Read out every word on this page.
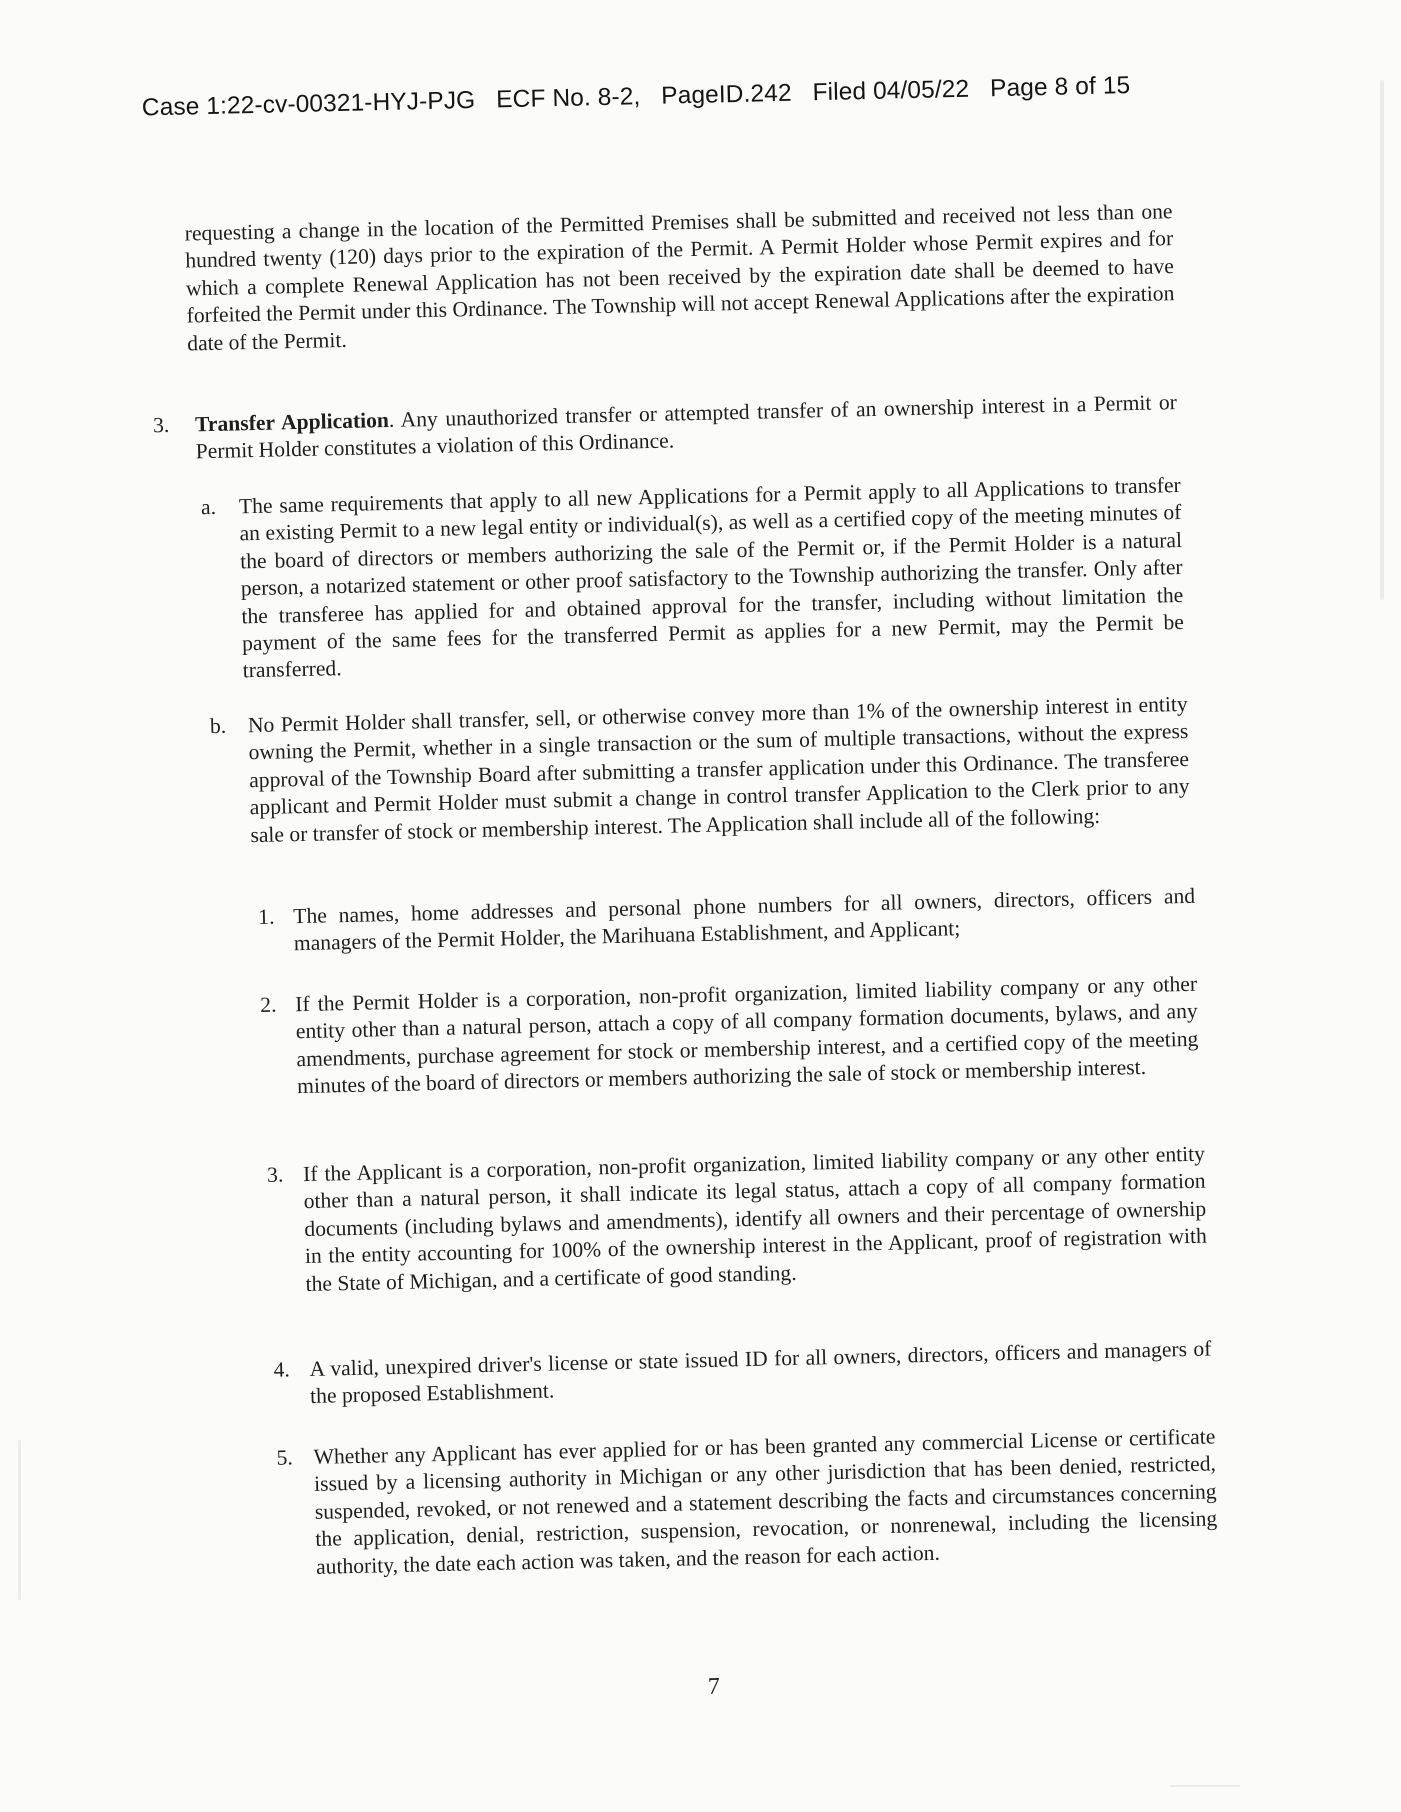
Case 1:22-cv-00321-HYJ-PJG ECF No. 8-2, PageID.242 Filed 04/05/22 Page 8 of 15
requesting a change in the location of the Permitted Premises shall be submitted and received not less than one hundred twenty (120) days prior to the expiration of the Permit. A Permit Holder whose Permit expires and for which a complete Renewal Application has not been received by the expiration date shall be deemed to have forfeited the Permit under this Ordinance. The Township will not accept Renewal Applications after the expiration date of the Permit.
3. Transfer Application. Any unauthorized transfer or attempted transfer of an ownership interest in a Permit or Permit Holder constitutes a violation of this Ordinance.
a. The same requirements that apply to all new Applications for a Permit apply to all Applications to transfer an existing Permit to a new legal entity or individual(s), as well as a certified copy of the meeting minutes of the board of directors or members authorizing the sale of the Permit or, if the Permit Holder is a natural person, a notarized statement or other proof satisfactory to the Township authorizing the transfer. Only after the transferee has applied for and obtained approval for the transfer, including without limitation the payment of the same fees for the transferred Permit as applies for a new Permit, may the Permit be transferred.
b. No Permit Holder shall transfer, sell, or otherwise convey more than 1% of the ownership interest in entity owning the Permit, whether in a single transaction or the sum of multiple transactions, without the express approval of the Township Board after submitting a transfer application under this Ordinance. The transferee applicant and Permit Holder must submit a change in control transfer Application to the Clerk prior to any sale or transfer of stock or membership interest. The Application shall include all of the following:
1. The names, home addresses and personal phone numbers for all owners, directors, officers and managers of the Permit Holder, the Marihuana Establishment, and Applicant;
2. If the Permit Holder is a corporation, non-profit organization, limited liability company or any other entity other than a natural person, attach a copy of all company formation documents, bylaws, and any amendments, purchase agreement for stock or membership interest, and a certified copy of the meeting minutes of the board of directors or members authorizing the sale of stock or membership interest.
3. If the Applicant is a corporation, non-profit organization, limited liability company or any other entity other than a natural person, it shall indicate its legal status, attach a copy of all company formation documents (including bylaws and amendments), identify all owners and their percentage of ownership in the entity accounting for 100% of the ownership interest in the Applicant, proof of registration with the State of Michigan, and a certificate of good standing.
4. A valid, unexpired driver's license or state issued ID for all owners, directors, officers and managers of the proposed Establishment.
5. Whether any Applicant has ever applied for or has been granted any commercial License or certificate issued by a licensing authority in Michigan or any other jurisdiction that has been denied, restricted, suspended, revoked, or not renewed and a statement describing the facts and circumstances concerning the application, denial, restriction, suspension, revocation, or nonrenewal, including the licensing authority, the date each action was taken, and the reason for each action.
7
